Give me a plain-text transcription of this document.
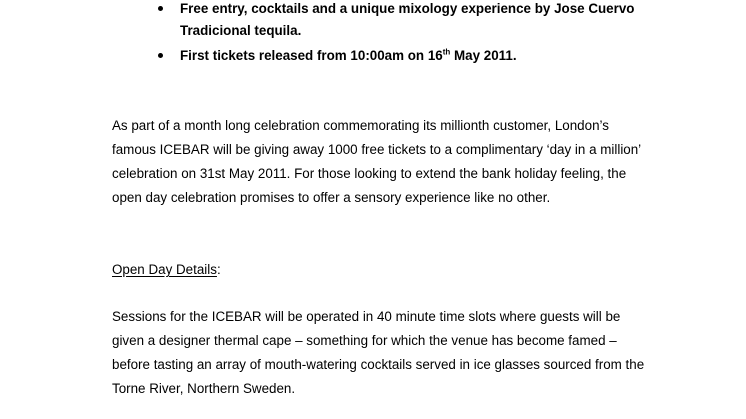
Free entry, cocktails and a unique mixology experience by Jose Cuervo Tradicional tequila.
First tickets released from 10:00am on 16th May 2011.

As part of a month long celebration commemorating its millionth customer, London’s famous ICEBAR will be giving away 1000 free tickets to a complimentary ‘day in a million’ celebration on 31st May 2011. For those looking to extend the bank holiday feeling, the open day celebration promises to offer a sensory experience like no other.

Open Day Details:

Sessions for the ICEBAR will be operated in 40 minute time slots where guests will be given a designer thermal cape – something for which the venue has become famed – before tasting an array of mouth-watering cocktails served in ice glasses sourced from the Torne River, Northern Sweden.
